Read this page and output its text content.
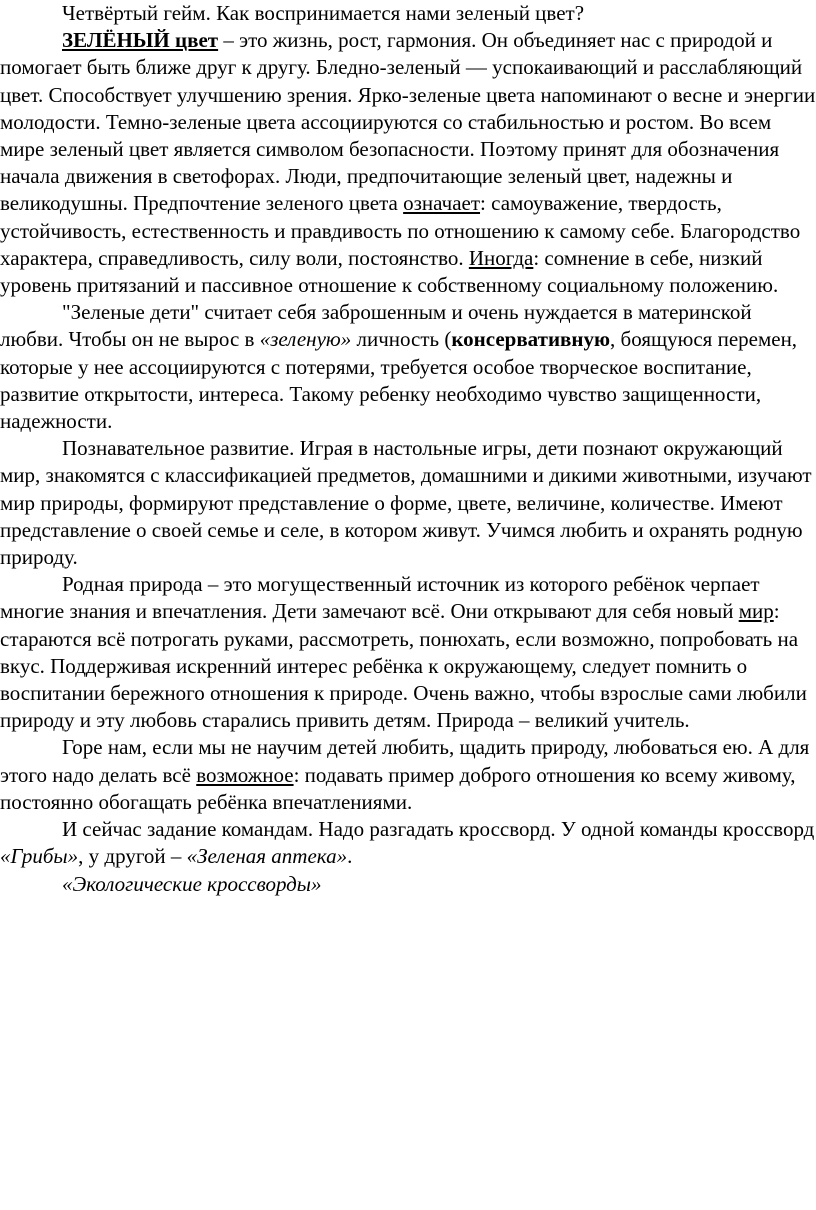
Четвёртый гейм. Как воспринимается нами зеленый цвет?

ЗЕЛЁНЫЙ цвет – это жизнь, рост, гармония. Он объединяет нас с природой и помогает быть ближе друг к другу. Бледно-зеленый — успокаивающий и расслабляющий цвет. Способствует улучшению зрения. Ярко-зеленые цвета напоминают о весне и энергии молодости. Темно-зеленые цвета ассоциируются со стабильностью и ростом. Во всем мире зеленый цвет является символом безопасности. Поэтому принят для обозначения начала движения в светофорах. Люди, предпочитающие зеленый цвет, надежны и великодушны. Предпочтение зеленого цвета означает: самоуважение, твердость, устойчивость, естественность и правдивость по отношению к самому себе. Благородство характера, справедливость, силу воли, постоянство. Иногда: сомнение в себе, низкий уровень притязаний и пассивное отношение к собственному социальному положению.

"Зеленые дети" считает себя заброшенным и очень нуждается в материнской любви. Чтобы он не вырос в «зеленую» личность (консервативную, боящуюся перемен, которые у нее ассоциируются с потерями, требуется особое творческое воспитание, развитие открытости, интереса. Такому ребенку необходимо чувство защищенности, надежности.

Познавательное развитие. Играя в настольные игры, дети познают окружающий мир, знакомятся с классификацией предметов, домашними и дикими животными, изучают мир природы, формируют представление о форме, цвете, величине, количестве. Имеют представление о своей семье и селе, в котором живут. Учимся любить и охранять родную природу.

Родная природа – это могущественный источник из которого ребёнок черпает многие знания и впечатления. Дети замечают всё. Они открывают для себя новый мир: стараются всё потрогать руками, рассмотреть, понюхать, если возможно, попробовать на вкус. Поддерживая искренний интерес ребёнка к окружающему, следует помнить о воспитании бережного отношения к природе. Очень важно, чтобы взрослые сами любили природу и эту любовь старались привить детям. Природа – великий учитель.

Горе нам, если мы не научим детей любить, щадить природу, любоваться ею. А для этого надо делать всё возможное: подавать пример доброго отношения ко всему живому, постоянно обогащать ребёнка впечатлениями.

И сейчас задание командам. Надо разгадать кроссворд. У одной команды кроссворд «Грибы», у другой – «Зеленая аптека».

«Экологические кроссворды»
